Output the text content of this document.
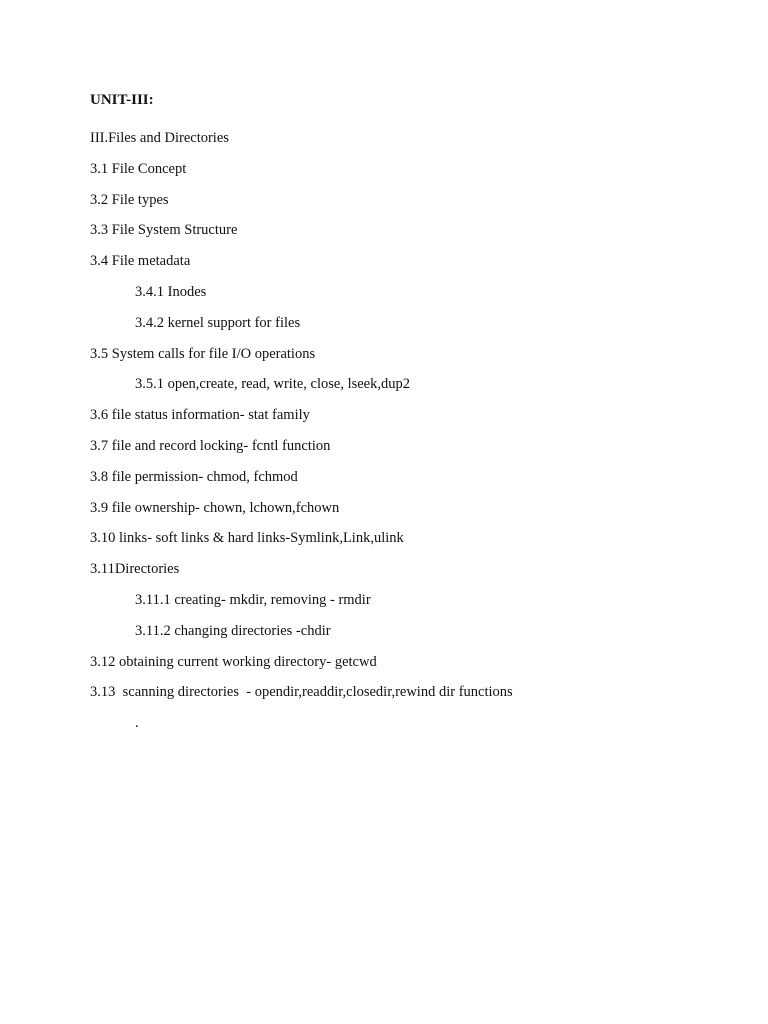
UNIT-III:
III.Files and Directories
3.1 File Concept
3.2 File types
3.3 File System Structure
3.4 File metadata
3.4.1 Inodes
3.4.2 kernel support for files
3.5 System calls for file I/O operations
3.5.1 open,create, read, write, close, lseek,dup2
3.6 file status information- stat family
3.7 file and record locking- fcntl function
3.8 file permission- chmod, fchmod
3.9 file ownership- chown, lchown,fchown
3.10 links- soft links & hard links-Symlink,Link,ulink
3.11Directories
3.11.1 creating- mkdir, removing - rmdir
3.11.2 changing directories -chdir
3.12 obtaining current working directory- getcwd
3.13  scanning directories  - opendir,readdir,closedir,rewind dir functions
.
